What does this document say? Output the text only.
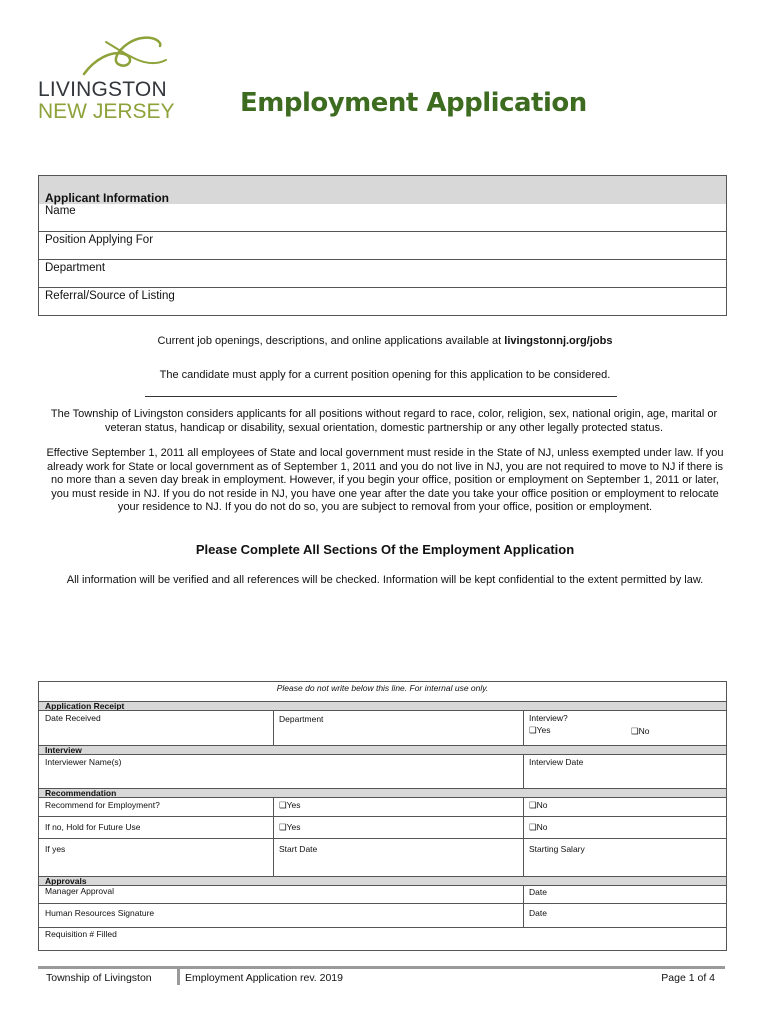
LIVINGSTON
NEW JERSEY	Employment Application
Applicant Information
Name
Position Applying For
Department
Referral/Source of Listing
Current job openings, descriptions, and online applications available at livingstonnj.org/jobs
The candidate must apply for a current position opening for this application to be considered.
The Township of Livingston considers applicants for all positions without regard to race, color, religion, sex, national origin, age, marital or veteran status, handicap or disability, sexual orientation, domestic partnership or any other legally protected status.
Effective September 1, 2011 all employees of State and local government must reside in the State of NJ, unless exempted under law. If you already work for State or local government as of September 1, 2011 and you do not live in NJ, you are not required to move to NJ if there is no more than a seven day break in employment. However, if you begin your office, position or employment on September 1, 2011 or later, you must reside in NJ. If you do not reside in NJ, you have one year after the date you take your office position or employment to relocate your residence to NJ. If you do not do so, you are subject to removal from your office, position or employment.
Please Complete All Sections Of the Employment Application
All information will be verified and all references will be checked. Information will be kept confidential to the extent permitted by law.
Please do not write below this line. For internal use only.
Application Receipt
Date Received	Department	Interview?
❑Yes	❑No
Interview
Interviewer Name(s)	Interview Date
Recommendation
Recommend for Employment?	❑Yes	❑No
If no, Hold for Future Use	❑Yes	❑No
If yes	Start Date	Starting Salary
Approvals
Manager Approval	Date
Human Resources Signature	Date
Requisition # Filled
Township of Livingston	Employment Application rev. 2019	Page 1 of 4
